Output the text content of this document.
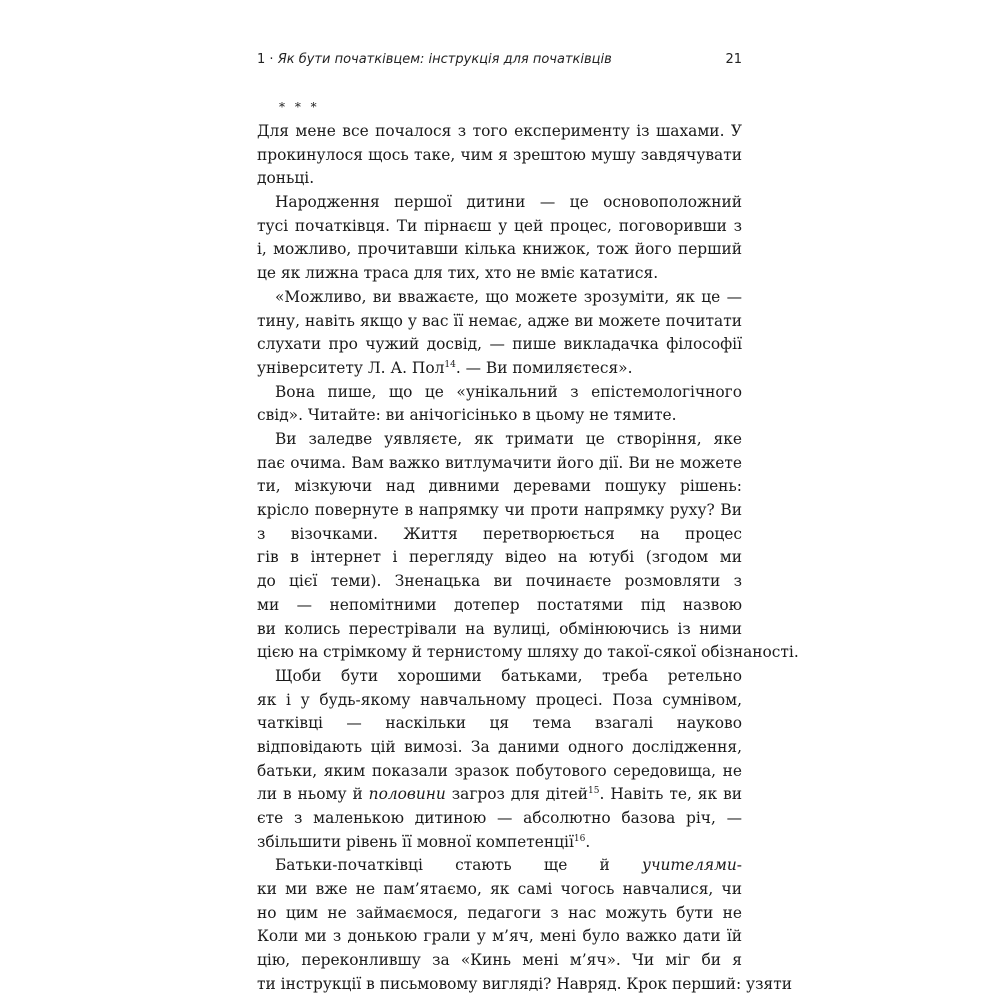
1 · Як бути початківцем: інструкція для початківців	21
* * *
Для мене все почалося з того експерименту із шахами. У
прокинулося щось таке, чим я зрештою мушу завдячувати
доньці.
Народження першої дитини — це основоположний
тусі початківця. Ти пірнаєш у цей процес, поговоривши з
і, можливо, прочитавши кілька книжок, тож його перший
це як лижна траса для тих, хто не вміє кататися.
«Можливо, ви вважаєте, що можете зрозуміти, як це —
тину, навіть якщо у вас її немає, адже ви можете почитати
слухати про чужий досвід, — пише викладачка філософії
університету Л. А. Пол$^{14}$. — Ви помиляєтеся».
Вона пише, що це «унікальний з епістемологічного
свід». Читайте: ви анічогісінько в цьому не тямите.
Ви заледве уявляєте, як тримати це створіння, яке
пає очима. Вам важко витлумачити його дії. Ви не можете
ти, мізкуючи над дивними деревами пошуку рішень:
крісло повернуте в напрямку чи проти напрямку руху? Ви
з візочками. Життя перетворюється на процес
гів в інтернет і перегляду відео на ютубі (згодом ми
до цієї теми). Зненацька ви починаєте розмовляти з
ми — непомітними дотепер постатями під назвою
ви колись перестрівали на вулиці, обмінюючись із ними
цією на стрімкому й тернистому шляху до такої-сякої обізнаності.
Щоби бути хорошими батьками, треба ретельно
як і у будь-якому навчальному процесі. Поза сумнівом,
чатківці — наскільки ця тема взагалі науково
відповідають цій вимозі. За даними одного дослідження,
батьки, яким показали зразок побутового середовища, не
ли в ньому й половини загроз для дітей$^{15}$. Навіть те, як ви
єте з маленькою дитиною — абсолютно базова річ, —
збільшити рівень її мовної компетенції$^{16}$.
Батьки-початківці стають ще й учителями-
ки ми вже не пам’ятаємо, як самі чогось навчалися, чи
но цим не займаємося, педагоги з нас можуть бути не
Коли ми з донькою грали у м’яч, мені було важко дати їй
цію, переконлившу за «Кинь мені м’яч». Чи міг би я
ти інструкції в письмовому вигляді? Навряд. Крок перший: узяти
